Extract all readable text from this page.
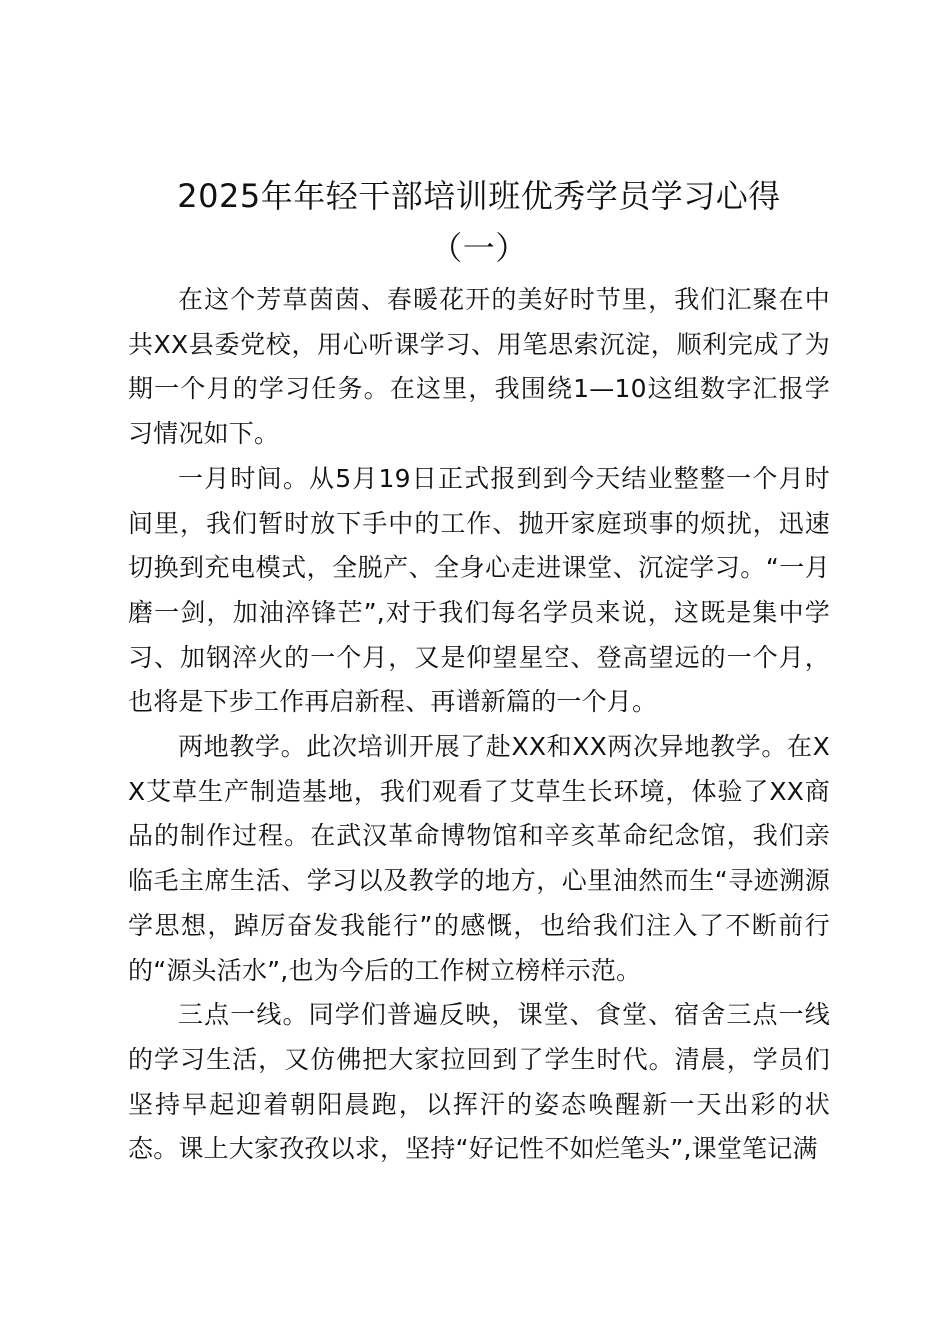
2025年年轻干部培训班优秀学员学习心得
（一）

在这个芳草茵茵、春暖花开的美好时节里，我们汇聚在中共XX县委党校，用心听课学习、用笔思索沉淀，顺利完成了为期一个月的学习任务。在这里，我围绕1—10这组数字汇报学习情况如下。

一月时间。从5月19日正式报到到今天结业整整一个月时间里，我们暂时放下手中的工作、抛开家庭琐事的烦扰，迅速切换到充电模式，全脱产、全身心走进课堂、沉淀学习。“一月磨一剑，加油淬锋芒”,对于我们每名学员来说，这既是集中学习、加钢淬火的一个月，又是仰望星空、登高望远的一个月，也将是下步工作再启新程、再谱新篇的一个月。

两地教学。此次培训开展了赴XX和XX两次异地教学。在XX艾草生产制造基地，我们观看了艾草生长环境，体验了XX商品的制作过程。在武汉革命博物馆和辛亥革命纪念馆，我们亲临毛主席生活、学习以及教学的地方，心里油然而生“寻迹溯源学思想，踔厉奋发我能行”的感慨，也给我们注入了不断前行的“源头活水”,也为今后的工作树立榜样示范。

三点一线。同学们普遍反映，课堂、食堂、宿舍三点一线的学习生活，又仿佛把大家拉回到了学生时代。清晨，学员们坚持早起迎着朝阳晨跑，以挥汗的姿态唤醒新一天出彩的状态。课上大家孜孜以求，坚持“好记性不如烂笔头”,课堂笔记满
